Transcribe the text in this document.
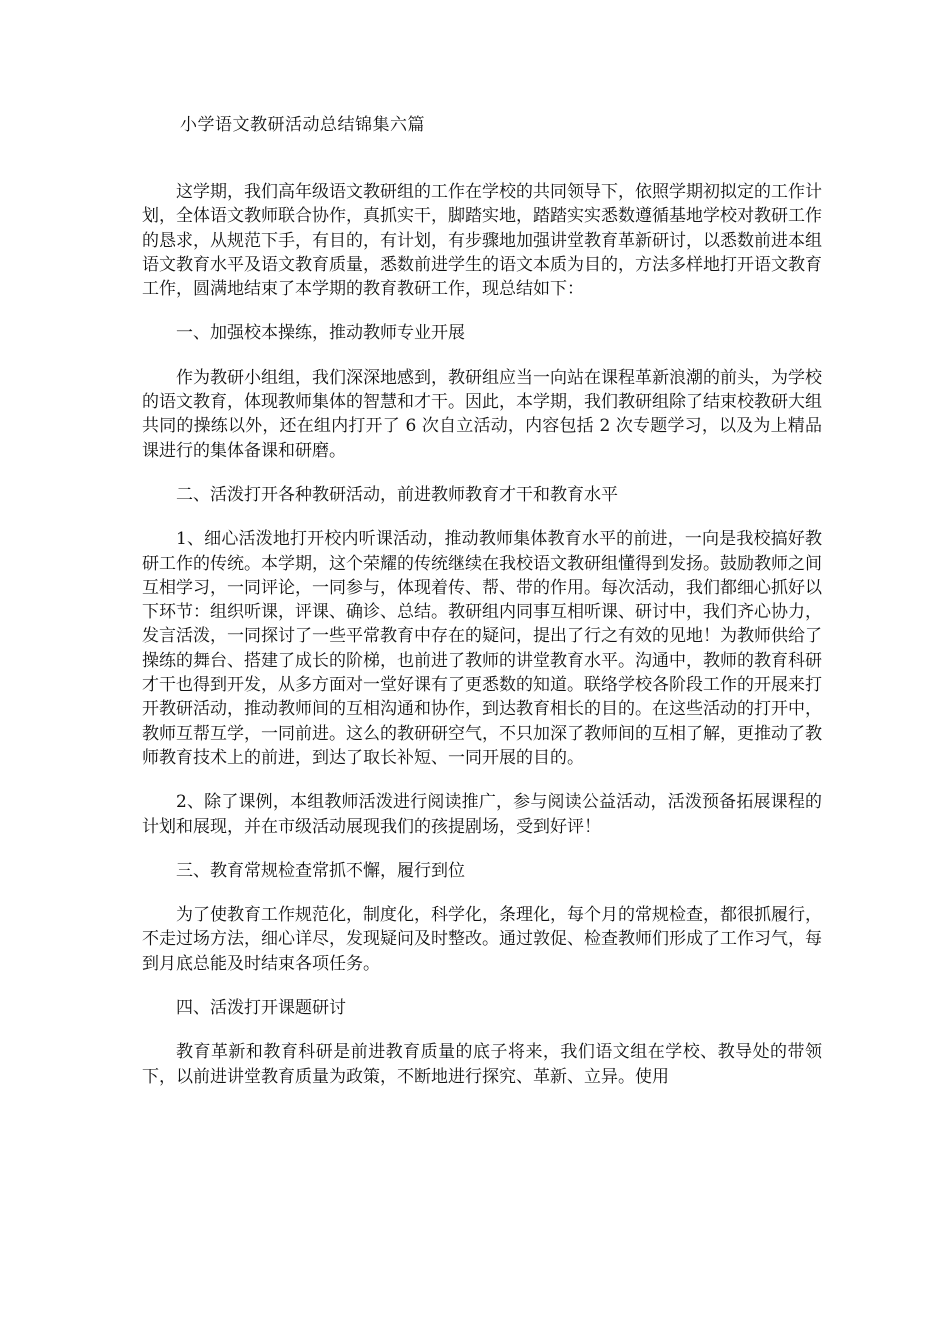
小学语文教研活动总结锦集六篇

这学期，我们高年级语文教研组的工作在学校的共同领导下，依照学期初拟定的工作计划，全体语文教师联合协作，真抓实干，脚踏实地，踏踏实实悉数遵循基地学校对教研工作的恳求，从规范下手，有目的，有计划，有步骤地加强讲堂教育革新研讨，以悉数前进本组语文教育水平及语文教育质量，悉数前进学生的语文本质为目的，方法多样地打开语文教育工作，圆满地结束了本学期的教育教研工作，现总结如下：

一、加强校本操练，推动教师专业开展

作为教研小组组，我们深深地感到，教研组应当一向站在课程革新浪潮的前头，为学校的语文教育，体现教师集体的智慧和才干。因此，本学期，我们教研组除了结束校教研大组共同的操练以外，还在组内打开了 6 次自立活动，内容包括 2 次专题学习，以及为上精品课进行的集体备课和研磨。

二、活泼打开各种教研活动，前进教师教育才干和教育水平

1、细心活泼地打开校内听课活动，推动教师集体教育水平的前进，一向是我校搞好教研工作的传统。本学期，这个荣耀的传统继续在我校语文教研组懂得到发扬。鼓励教师之间互相学习，一同评论，一同参与，体现着传、帮、带的作用。每次活动，我们都细心抓好以下环节：组织听课，评课、确诊、总结。教研组内同事互相听课、研讨中，我们齐心协力，发言活泼，一同探讨了一些平常教育中存在的疑问，提出了行之有效的见地！为教师供给了操练的舞台、搭建了成长的阶梯，也前进了教师的讲堂教育水平。沟通中，教师的教育科研才干也得到开发，从多方面对一堂好课有了更悉数的知道。联络学校各阶段工作的开展来打开教研活动，推动教师间的互相沟通和协作，到达教育相长的目的。在这些活动的打开中，教师互帮互学，一同前进。这么的教研研空气，不只加深了教师间的互相了解，更推动了教师教育技术上的前进，到达了取长补短、一同开展的目的。

2、除了课例，本组教师活泼进行阅读推广，参与阅读公益活动，活泼预备拓展课程的计划和展现，并在市级活动展现我们的孩提剧场，受到好评！

三、教育常规检查常抓不懈，履行到位

为了使教育工作规范化，制度化，科学化，条理化，每个月的常规检查，都很抓履行，不走过场方法，细心详尽，发现疑问及时整改。通过敦促、检查教师们形成了工作习气，每到月底总能及时结束各项任务。

四、活泼打开课题研讨

教育革新和教育科研是前进教育质量的底子将来，我们语文组在学校、教导处的带领下，以前进讲堂教育质量为政策，不断地进行探究、革新、立异。使用
